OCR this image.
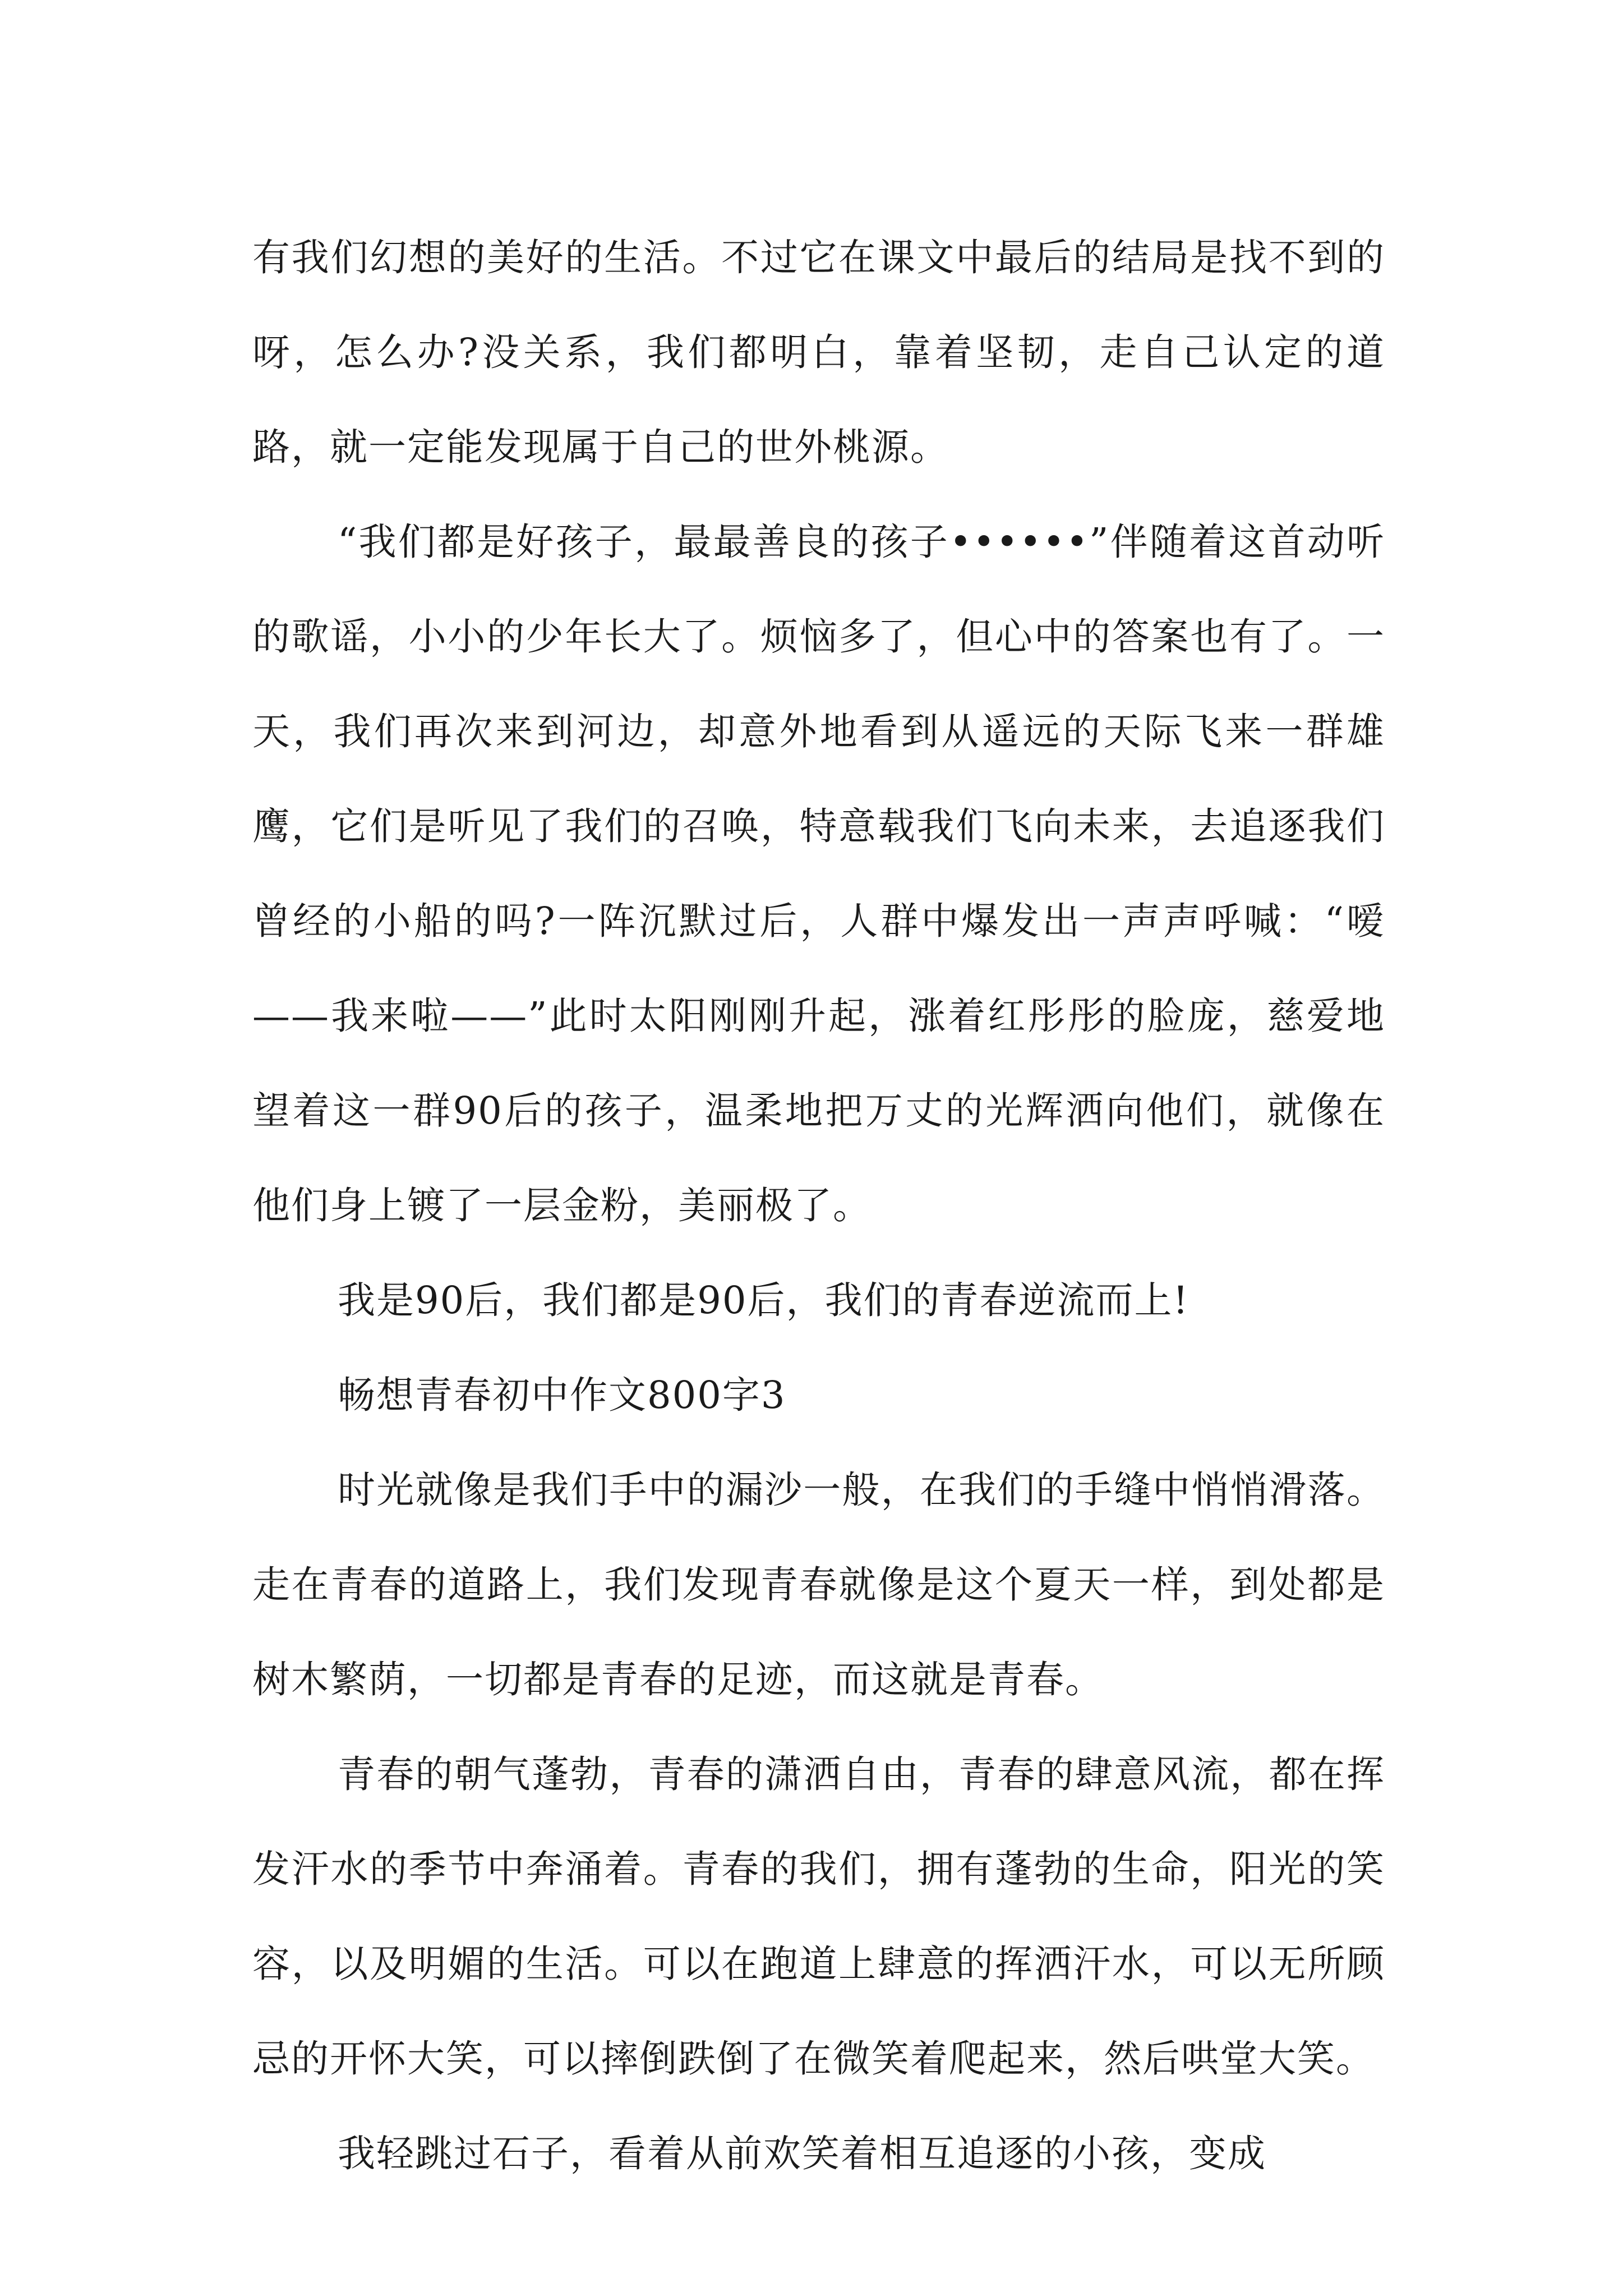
有我们幻想的美好的生活。不过它在课文中最后的结局是找不到的呀，怎么办?没关系，我们都明白，靠着坚韧，走自己认定的道路，就一定能发现属于自己的世外桃源。

“我们都是好孩子，最最善良的孩子••••••”伴随着这首动听的歌谣，小小的少年长大了。烦恼多了，但心中的答案也有了。一天，我们再次来到河边，却意外地看到从遥远的天际飞来一群雄鹰，它们是听见了我们的召唤，特意载我们飞向未来，去追逐我们曾经的小船的吗?一阵沉默过后，人群中爆发出一声声呼喊：“嗳——我来啦——”此时太阳刚刚升起，涨着红彤彤的脸庞，慈爱地望着这一群90后的孩子，温柔地把万丈的光辉洒向他们，就像在他们身上镀了一层金粉，美丽极了。

我是90后，我们都是90后，我们的青春逆流而上!

畅想青春初中作文800字3

时光就像是我们手中的漏沙一般，在我们的手缝中悄悄滑落。走在青春的道路上，我们发现青春就像是这个夏天一样，到处都是树木繁荫，一切都是青春的足迹，而这就是青春。

青春的朝气蓬勃，青春的潇洒自由，青春的肆意风流，都在挥发汗水的季节中奔涌着。青春的我们，拥有蓬勃的生命，阳光的笑容，以及明媚的生活。可以在跑道上肆意的挥洒汗水，可以无所顾忌的开怀大笑，可以摔倒跌倒了在微笑着爬起来，然后哄堂大笑。

我轻跳过石子，看着从前欢笑着相互追逐的小孩，变成
